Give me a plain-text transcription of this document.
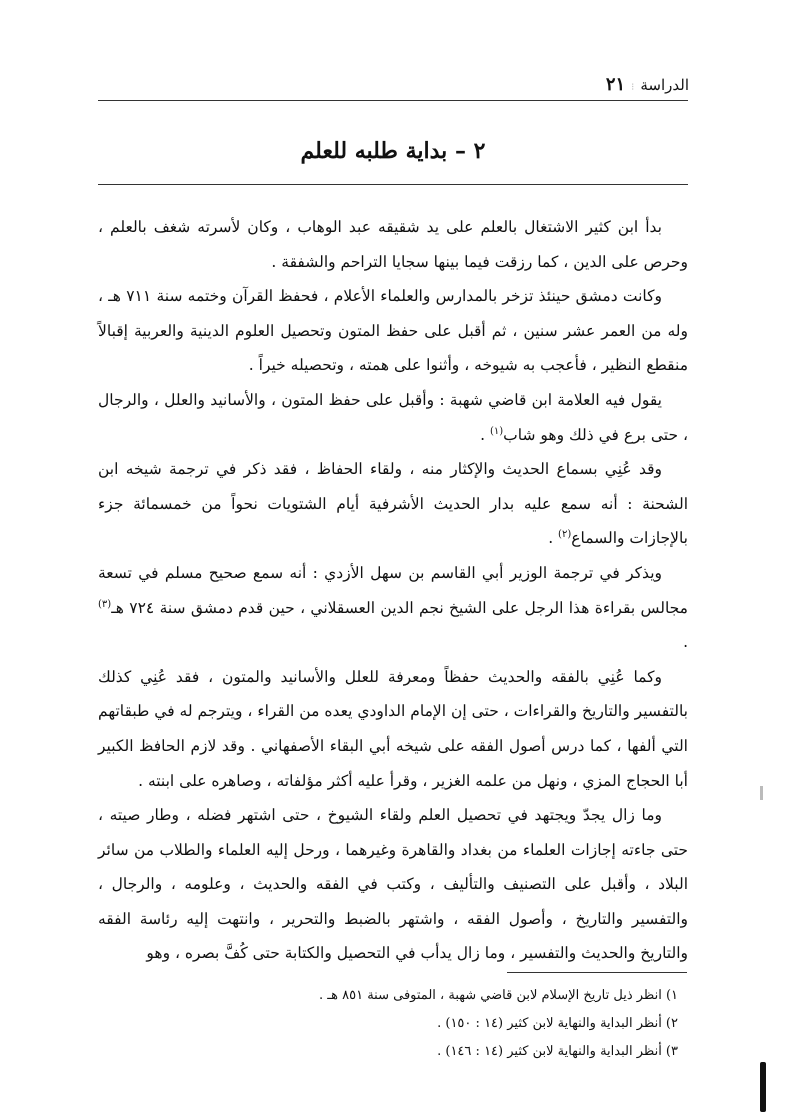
الدراسة
⁝
٢١
٢ – بداية طلبه للعلم

بدأ ابن كثير الاشتغال بالعلم على يد شقيقه عبد الوهاب ، وكان لأسرته شغف بالعلم ، وحرص على الدين ، كما رزقت فيما بينها سجايا التراحم والشفقة .

وكانت دمشق حينئذ تزخر بالمدارس والعلماء الأعلام ، فحفظ القرآن وختمه سنة ٧١١ هـ ، وله من العمر عشر سنين ، ثم أقبل على حفظ المتون وتحصيل العلوم الدينية والعربية إقبالاً منقطع النظير ، فأعجب به شيوخه ، وأثنوا على همته ، وتحصيله خيراً .

يقول فيه العلامة ابن قاضي شهبة : وأقبل على حفظ المتون ، والأسانيد والعلل ، والرجال ، حتى برع في ذلك وهو شاب$^{(١)}$ .

وقد عُنِي بسماع الحديث والإكثار منه ، ولقاء الحفاظ ، فقد ذكر في ترجمة شيخه ابن الشحنة : أنه سمع عليه بدار الحديث الأشرفية أيام الشتويات نحواً من خمسمائة جزء بالإجازات والسماع$^{(٢)}$ .

ويذكر في ترجمة الوزير أبي القاسم بن سهل الأزدي : أنه سمع صحيح مسلم في تسعة مجالس بقراءة هذا الرجل على الشيخ نجم الدين العسقلاني ، حين قدم دمشق سنة ٧٢٤ هـ$^{(٣)}$ .

وكما عُنِي بالفقه والحديث حفظاً ومعرفة للعلل والأسانيد والمتون ، فقد عُنِي كذلك بالتفسير والتاريخ والقراءات ، حتى إن الإمام الداودي يعده من القراء ، ويترجم له في طبقاتهم التي ألفها ، كما درس أصول الفقه على شيخه أبي البقاء الأصفهاني . وقد لازم الحافظ الكبير أبا الحجاج المزي ، ونهل من علمه الغزير ، وقرأ عليه أكثر مؤلفاته ، وصاهره على ابنته .

وما زال يجدّ ويجتهد في تحصيل العلم ولقاء الشيوخ ، حتى اشتهر فضله ، وطار صيته ، حتى جاءته إجازات العلماء من بغداد والقاهرة وغيرهما ، ورحل إليه العلماء والطلاب من سائر البلاد ، وأقبل على التصنيف والتأليف ، وكتب في الفقه والحديث ، وعلومه ، والرجال ، والتفسير والتاريخ ، وأصول الفقه ، واشتهر بالضبط والتحرير ، وانتهت إليه رئاسة الفقه والتاريخ والحديث والتفسير ، وما زال يدأب في التحصيل والكتابة حتى كُفَّ بصره ، وهو

١) انظر ذيل تاريخ الإسلام لابن قاضي شهبة ، المتوفى سنة ٨٥١ هـ .

٢) أنظر البداية والنهاية لابن كثير (١٤ : ١٥٠) .

٣) أنظر البداية والنهاية لابن كثير (١٤ : ١٤٦) .
